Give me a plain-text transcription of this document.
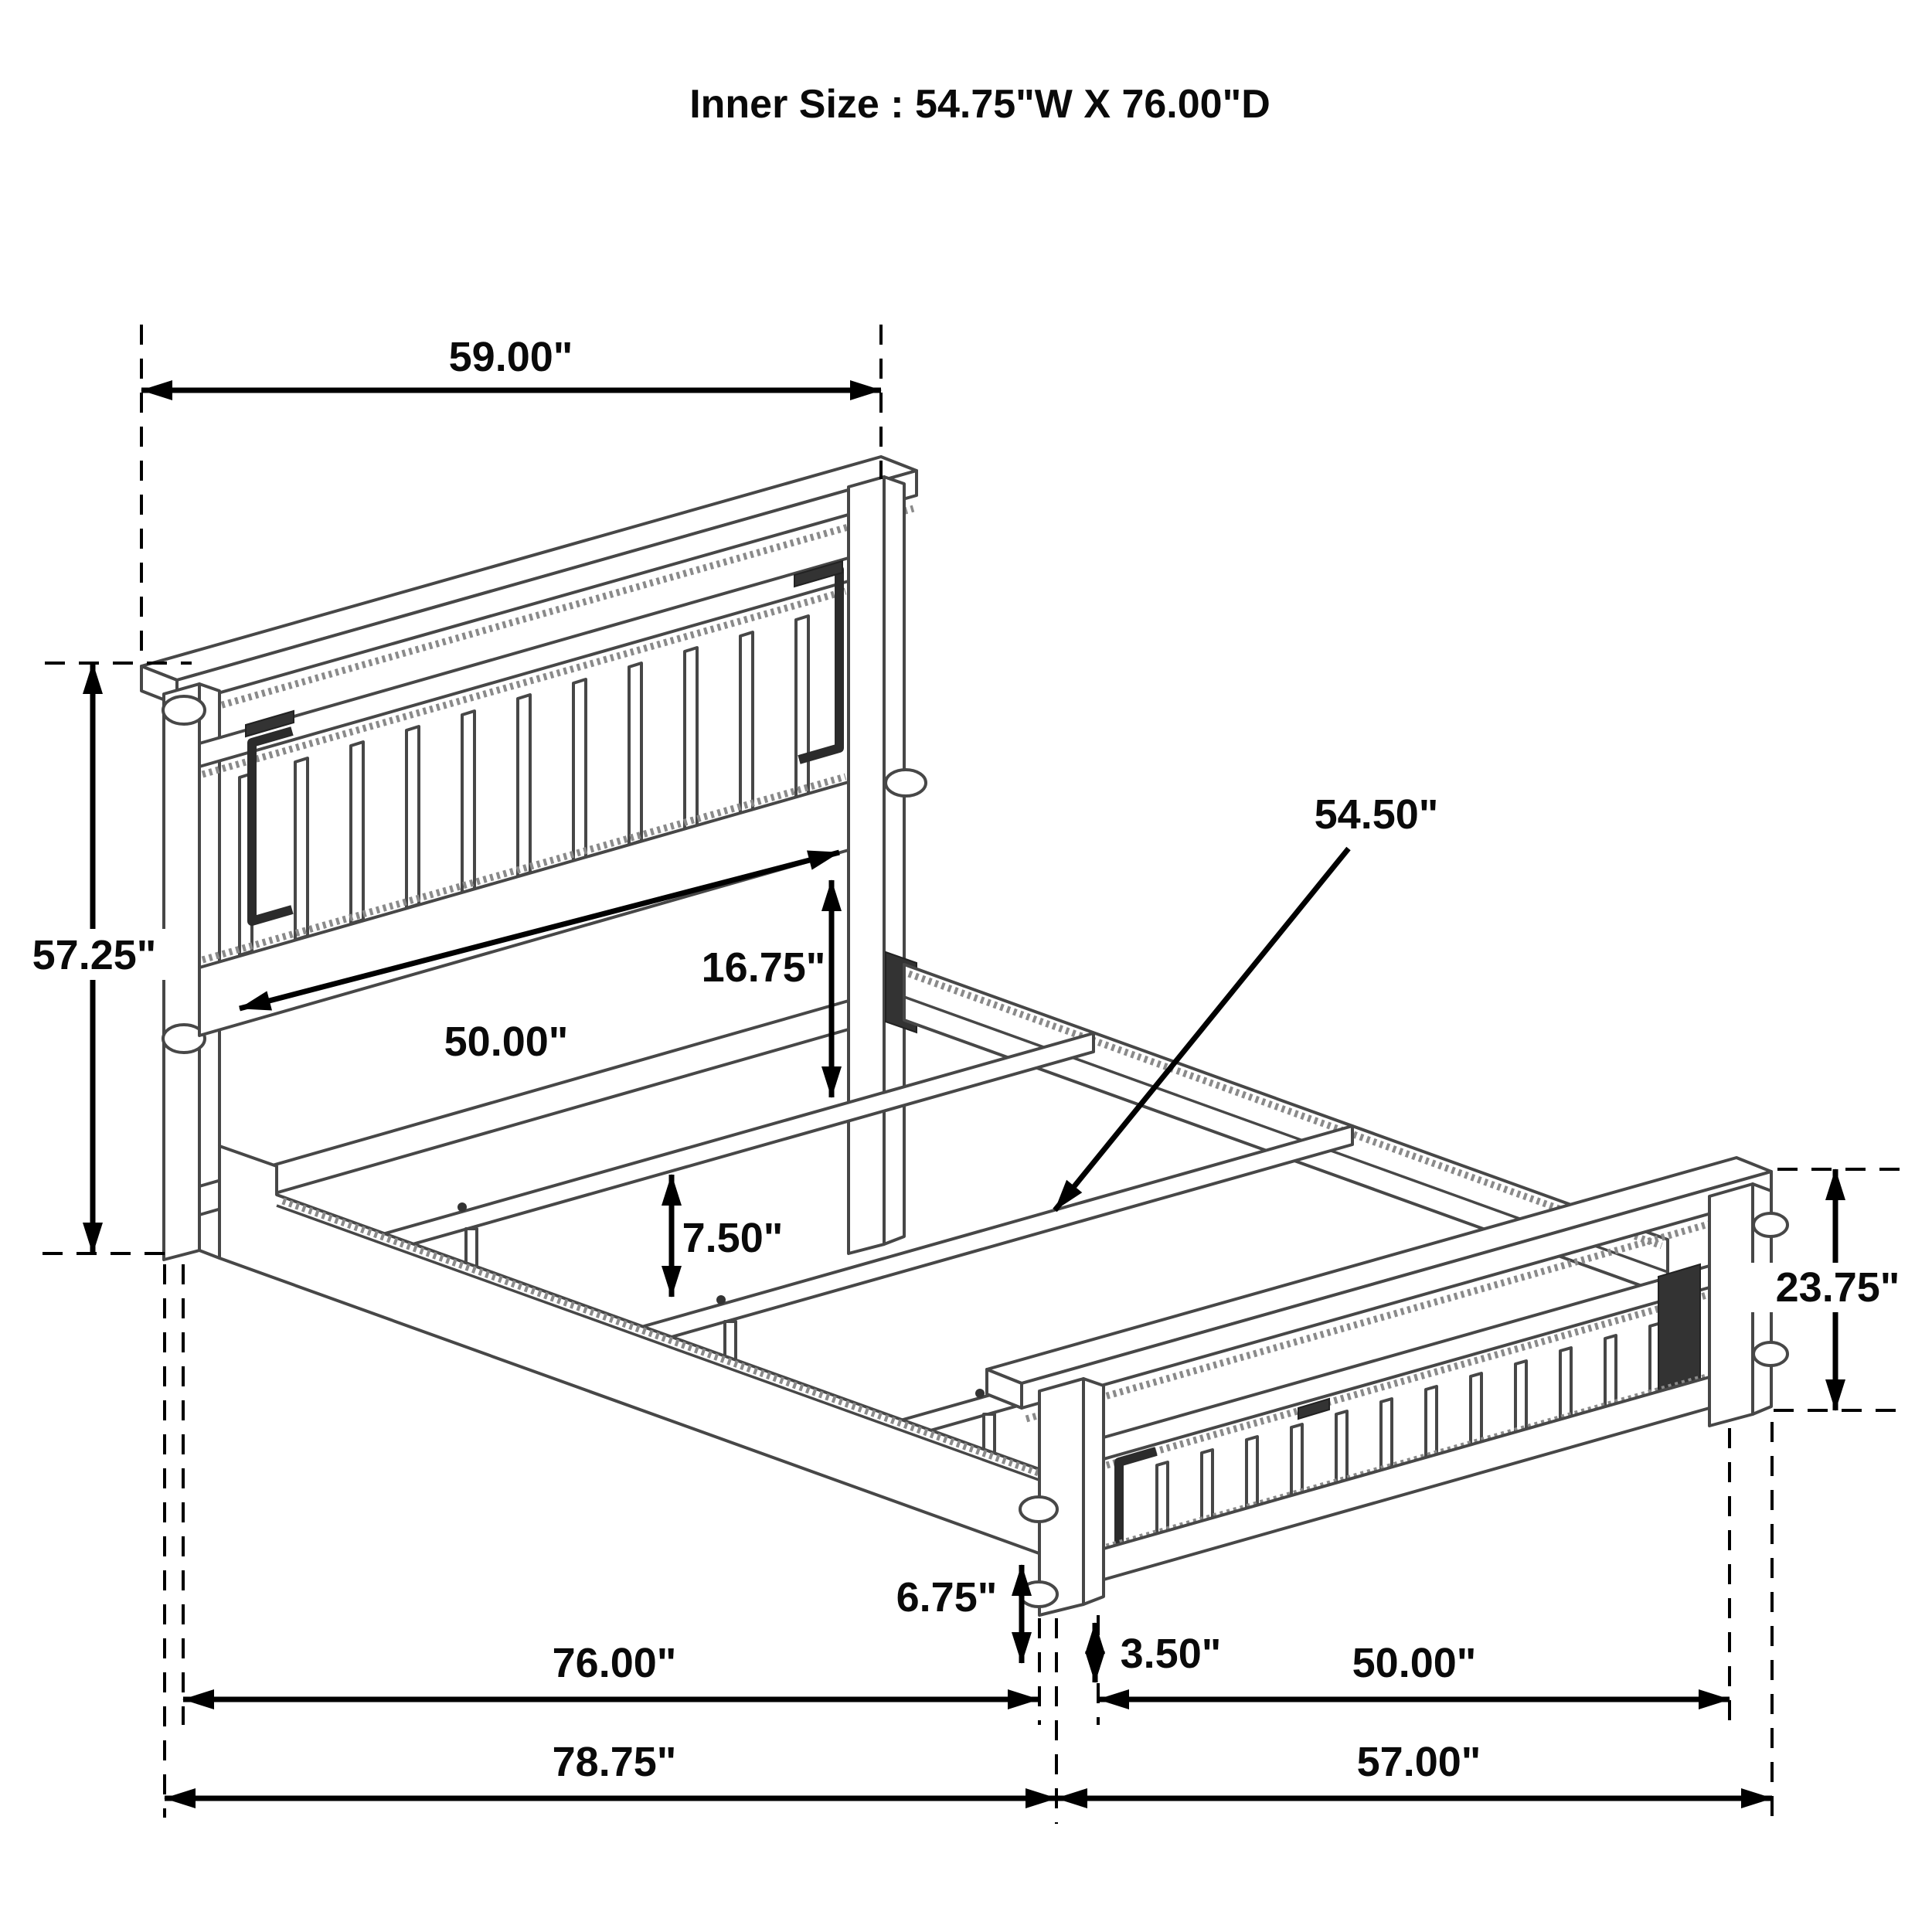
Inner Size : 54.75"W X 76.00"D
59.00"
57.25"
50.00"
16.75"
7.50"
54.50"
23.75"
6.75"
3.50"
76.00"	50.00"
78.75"	57.00"
